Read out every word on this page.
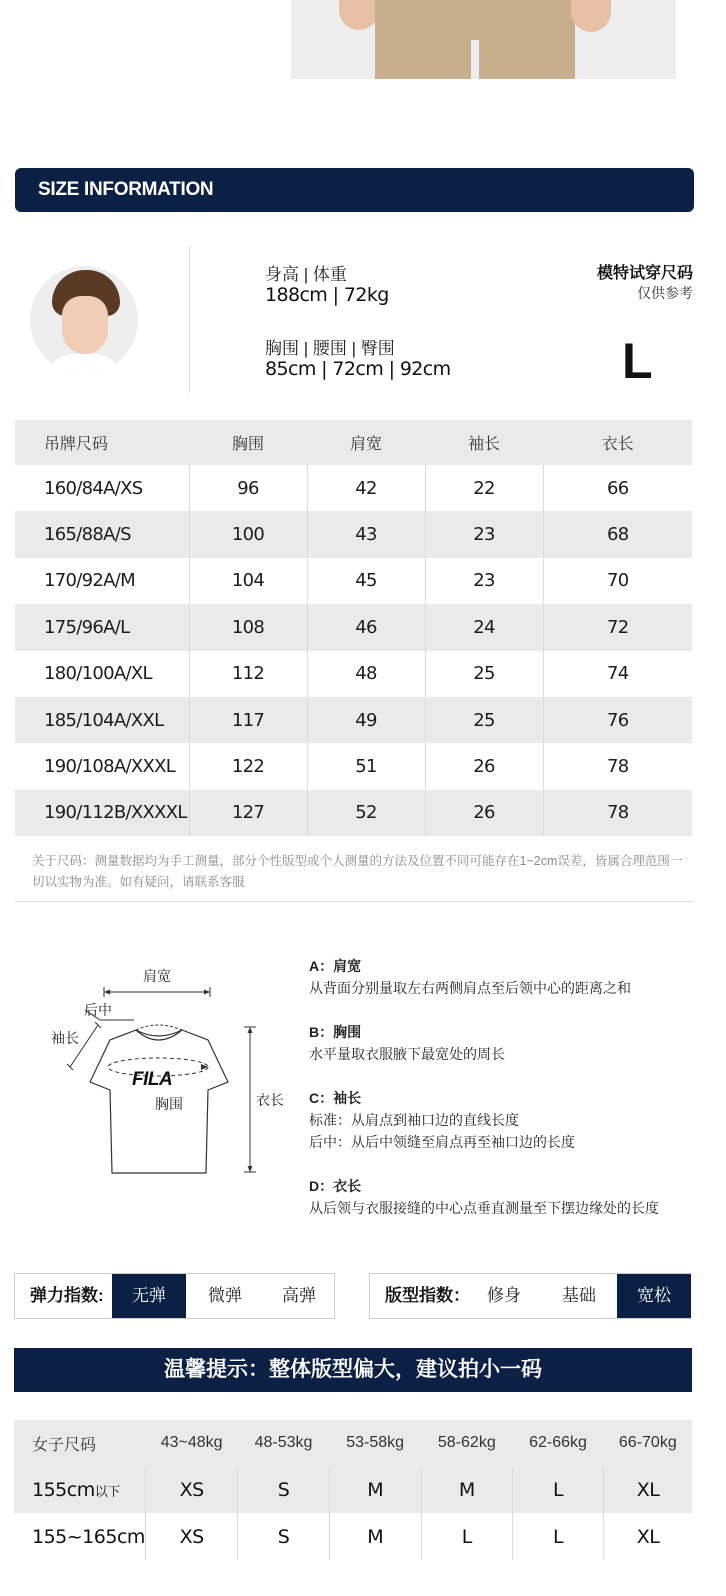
SIZE INFORMATION
身高 | 体重
188cm | 72kg
胸围 | 腰围 | 臀围
85cm | 72cm | 92cm
模特试穿尺码
仅供参考
L
吊牌尺码	胸围	肩宽	袖长	衣长
160/84A/XS	96	42	22	66
165/88A/S	100	43	23	68
170/92A/M	104	45	23	70
175/96A/L	108	46	24	72
180/100A/XL	112	48	25	74
185/104A/XXL	117	49	25	76
190/108A/XXXL	122	51	26	78
190/112B/XXXXL	127	52	26	78
关于尺码：测量数据均为手工测量，部分个性版型或个人测量的方法及位置不同可能存在1~2cm误差，皆属合理范围一切以实物为准。如有疑问，请联系客服
肩宽
后中
袖长
FILA
胸围	衣长
A：肩宽
从背面分别量取左右两侧肩点至后领中心的距离之和
B：胸围
水平量取衣服腋下最宽处的周长
C：袖长
标准：从肩点到袖口边的直线长度
后中：从后中领缝至肩点再至袖口边的长度
D：衣长
从后领与衣服接缝的中心点垂直测量至下摆边缘处的长度
弹力指数:	无弹	微弹	高弹	版型指数：	修身	基础	宽松
温馨提示：整体版型偏大，建议拍小一码
女子尺码	43~48kg	48-53kg	53-58kg	58-62kg	62-66kg	66-70kg
155cm以下	XS	S	M	M	L	XL
155~165cm	XS	S	M	L	L	XL
